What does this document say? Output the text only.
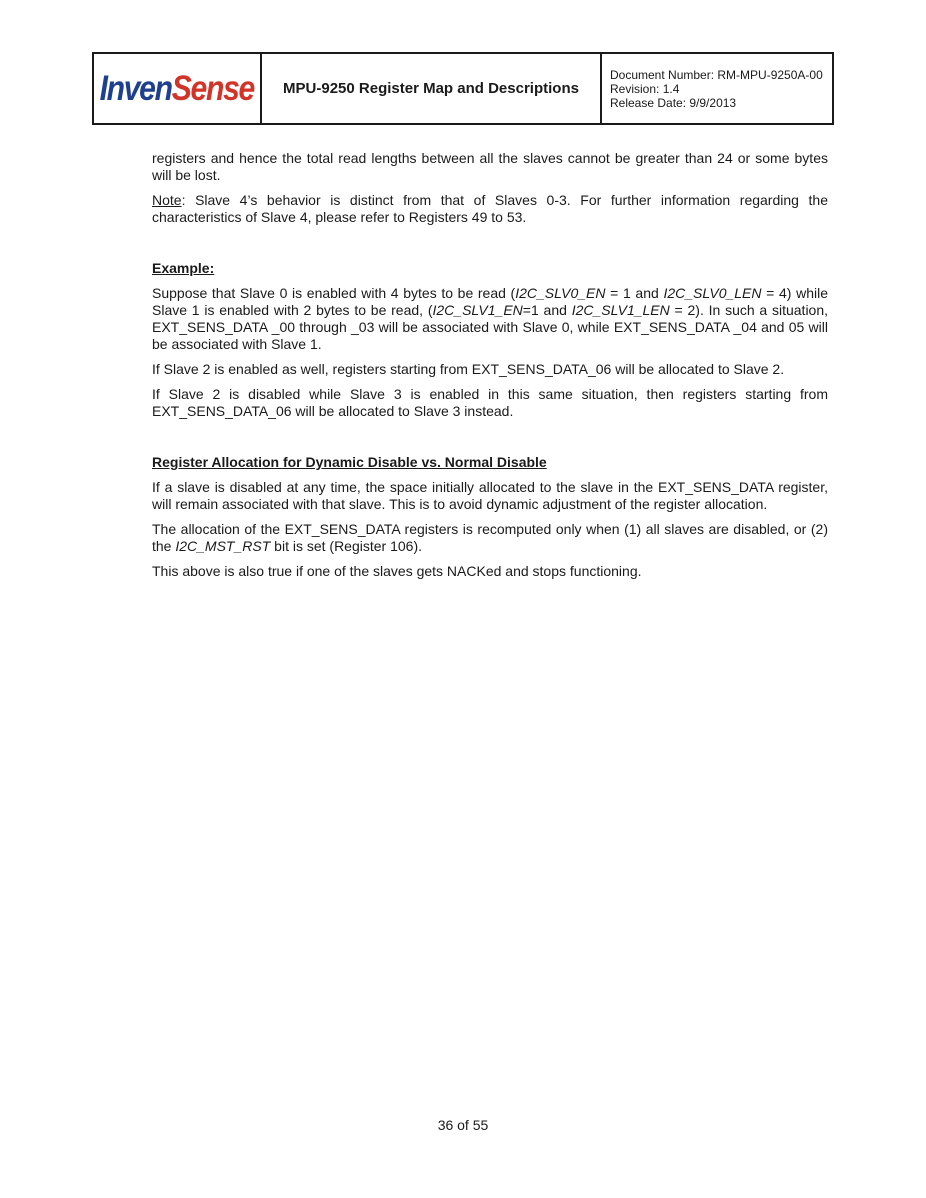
InvenSense	MPU-9250 Register Map and Descriptions
Document Number: RM-MPU-9250A-00
Revision: 1.4
Release Date: 9/9/2013

registers and hence the total read lengths between all the slaves cannot be greater than 24 or some bytes will be lost.

Note: Slave 4’s behavior is distinct from that of Slaves 0-3. For further information regarding the characteristics of Slave 4, please refer to Registers 49 to 53.

Example:

Suppose that Slave 0 is enabled with 4 bytes to be read (I2C_SLV0_EN = 1 and I2C_SLV0_LEN = 4) while Slave 1 is enabled with 2 bytes to be read, (I2C_SLV1_EN=1 and I2C_SLV1_LEN = 2). In such a situation, EXT_SENS_DATA _00 through _03 will be associated with Slave 0, while EXT_SENS_DATA _04 and 05 will be associated with Slave 1.

If Slave 2 is enabled as well, registers starting from EXT_SENS_DATA_06 will be allocated to Slave 2.

If Slave 2 is disabled while Slave 3 is enabled in this same situation, then registers starting from EXT_SENS_DATA_06 will be allocated to Slave 3 instead.

Register Allocation for Dynamic Disable vs. Normal Disable

If a slave is disabled at any time, the space initially allocated to the slave in the EXT_SENS_DATA register, will remain associated with that slave. This is to avoid dynamic adjustment of the register allocation.

The allocation of the EXT_SENS_DATA registers is recomputed only when (1) all slaves are disabled, or (2) the I2C_MST_RST bit is set (Register 106).

This above is also true if one of the slaves gets NACKed and stops functioning.

36 of 55
